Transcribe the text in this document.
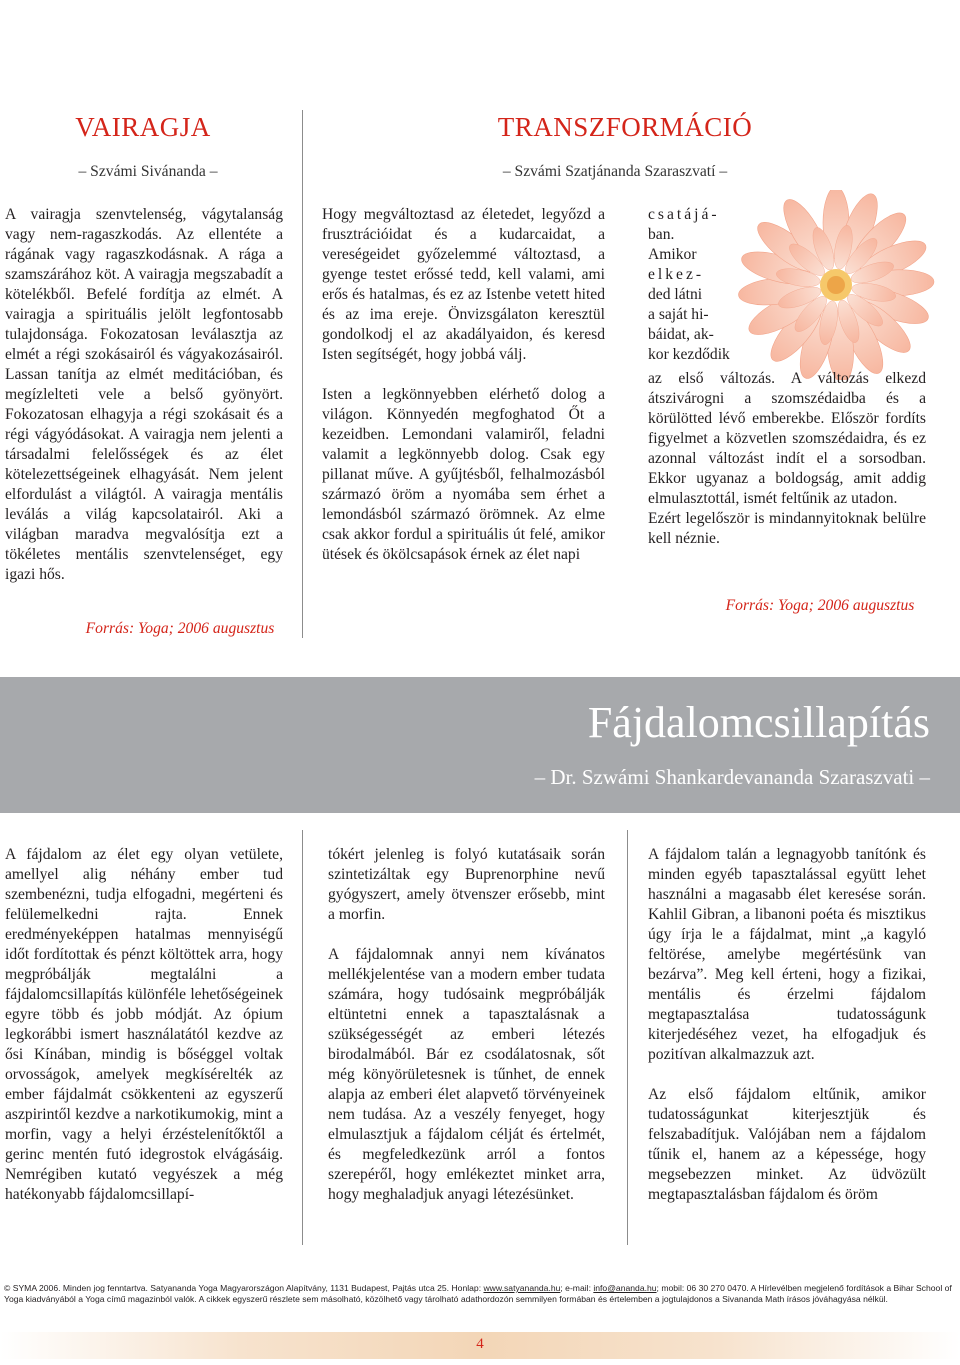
VAIRAGJA
– Szvámi Sivánanda –

A vairagja szenvtelenség, vágytalanság vagy nem-ragaszkodás. Az ellentéte a rágának vagy ragaszkodásnak. A rága a szamszárához köt. A vairagja megszabadít a kötelékből. Befelé fordítja az elmét. A vairagja a spirituális jelölt legfontosabb tulajdonsága. Fokozatosan leválasztja az elmét a régi szokásairól és vágyakozásairól. Lassan tanítja az elmét meditációban, és megízlelteti vele a belső gyönyört. Fokozatosan elhagyja a régi szokásait és a régi vágyódásokat. A vairagja nem jelenti a társadalmi felelősségek és az élet kötelezettségeinek elhagyását. Nem jelent elfordulást a világtól. A vairagja mentális leválás a világ kapcsolatairól. Aki a világban maradva megvalósítja ezt a tökéletes mentális szenvtelenséget, egy igazi hős.

Forrás: Yoga; 2006 augusztus
TRANSZFORMÁCIÓ
– Szvámi Szatjánanda Szaraszvatí –

Hogy megváltoztasd az életedet, legyőzd a frusztrációidat és a kudarcaidat, a vereségeidet győzelemmé változtasd, a gyenge testet erőssé tedd, kell valami, ami erős és hatalmas, és ez az Istenbe vetett hited és az ima ereje. Önvizsgálaton keresztül gondolkodj el az akadályaidon, és keresd Isten segítségét, hogy jobbá válj.

Isten a legkönnyebben elérhető dolog a világon. Könnyedén megfoghatod Őt a kezeidben. Lemondani valamiről, feladni valamit a legkönnyebb dolog. Csak egy pillanat műve. A gyűjtésből, felhalmozásból származó öröm a nyomába sem érhet a lemondásból származó örömnek. Az elme csak akkor fordul a spirituális út felé, amikor ütések és ökölcsapások érnek az élet napi

csatájá-
ban.
Amikor
elkez-
ded látni
a saját hi-
báidat, ak-
kor kezdődik

az első változás. A változás elkezd átszivárogni a szomszédaidba és a körülötted lévő emberekbe. Először fordíts figyelmet a közvetlen szomszédaidra, és ez azonnal változást indít el a sorsodban. Ekkor ugyanaz a boldogság, amit addig elmulasztottál, ismét feltűnik az utadon.

Ezért legelőször is mindannyitoknak belülre kell néznie.

Forrás: Yoga; 2006 augusztus
Fájdalomcsillapítás
– Dr. Szwámi Shankardevananda Szaraszvati –

A fájdalom az élet egy olyan vetülete, amellyel alig néhány ember tud szembenézni, tudja elfogadni, megérteni és felülemelkedni rajta. Ennek eredményeképpen hatalmas mennyiségű időt fordítottak és pénzt költöttek arra, hogy megpróbálják megtalálni a fájdalomcsillapítás különféle lehetőségeinek egyre több és jobb módját. Az ópium legkorábbi ismert használatától kezdve az ősi Kínában, mindig is bőséggel voltak orvosságok, amelyek megkísérelték az ember fájdalmát csökkenteni az egyszerű aszpirintől kezdve a narkotikumokig, mint a morfin, vagy a helyi érzéstelenítőktől a gerinc mentén futó idegrostok elvágásáig. Nemrégiben kutató vegyészek a még hatékonyabb fájdalomcsillapí-

tókért jelenleg is folyó kutatásaik során szintetizáltak egy Buprenorphine nevű gyógyszert, amely ötvenszer erősebb, mint a morfin.

A fájdalomnak annyi nem kívánatos mellékjelentése van a modern ember tudata számára, hogy tudósaink megpróbálják eltüntetni ennek a tapasztalásnak a szükségességét az emberi létezés birodalmából. Bár ez csodálatosnak, sőt még könyörületesnek is tűnhet, de ennek alapja az emberi élet alapvető törvényeinek nem tudása. Az a veszély fenyeget, hogy elmulasztjuk a fájdalom célját és értelmét, és megfeledkezünk arról a fontos szerepéről, hogy emlékeztet minket arra, hogy meghaladjuk anyagi létezésünket.

A fájdalom talán a legnagyobb tanítónk és minden egyéb tapasztalással együtt lehet használni a magasabb élet keresése során. Kahlil Gibran, a libanoni poéta és misztikus úgy írja le a fájdalmat, mint „a kagyló feltörése, amelybe megértésünk van bezárva”. Meg kell érteni, hogy a fizikai, mentális és érzelmi fájdalom megtapasztalása tudatosságunk kiterjedéséhez vezet, ha elfogadjuk és pozitívan alkalmazzuk azt.

Az első fájdalom eltűnik, amikor tudatosságunkat kiterjesztjük és felszabadítjuk. Valójában nem a fájdalom tűnik el, hanem az a képessége, hogy megsebezzen minket. Az üdvözült megtapasztalásban fájdalom és öröm

© SYMA 2006. Minden jog fenntartva. Satyananda Yoga Magyarországon Alapítvány, 1131 Budapest, Pajtás utca 25. Honlap: www.satyananda.hu; e-mail: info@ananda.hu; mobil: 06 30 270 0470. A Hírlevélben megjelenő fordítások a Bihar School of Yoga kiadványából a Yoga című magazinból valók. A cikkek egyszerű részlete sem másolható, közölhető vagy tárolható adathordozón semmilyen formában és értelemben a jogtulajdonos a Sivananda Math írásos jóváhagyása nélkül.
4
